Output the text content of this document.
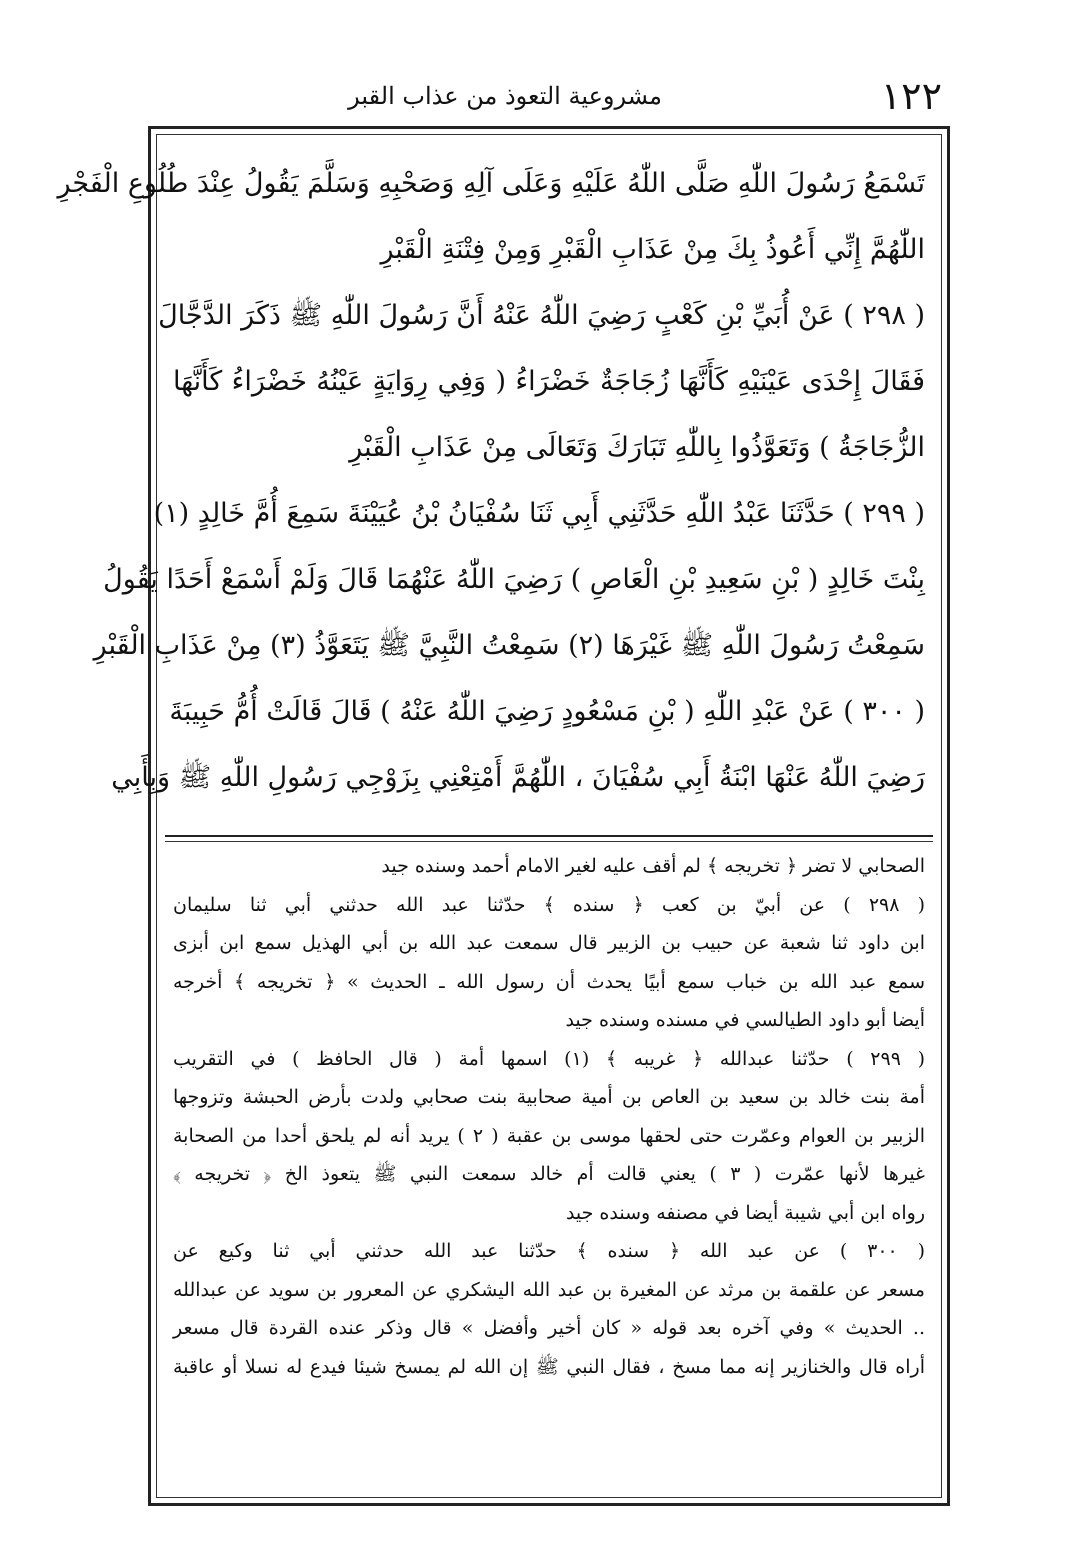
١٢٢
مشروعية التعوذ من عذاب القبر
تَسْمَعُ رَسُولَ اللّٰهِ صَلَّى اللّٰهُ عَلَيْهِ وَعَلَى آلِهِ وَصَحْبِهِ وَسَلَّمَ يَقُولُ عِنْدَ طُلُوعِ الْفَجْرِ
اللّٰهُمَّ إِنِّي أَعُوذُ بِكَ مِنْ عَذَابِ الْقَبْرِ وَمِنْ فِتْنَةِ الْقَبْرِ
( ٢٩٨ ) عَنْ أُبَيِّ بْنِ كَعْبٍ رَضِيَ اللّٰهُ عَنْهُ أَنَّ رَسُولَ اللّٰهِ ﷺ ذَكَرَ الدَّجَّالَ
فَقَالَ إِحْدَى عَيْنَيْهِ كَأَنَّهَا زُجَاجَةٌ خَضْرَاءُ ( وَفِي رِوَايَةٍ عَيْنُهُ خَضْرَاءُ كَأَنَّهَا
الزُّجَاجَةُ ) وَتَعَوَّذُوا بِاللّٰهِ تَبَارَكَ وَتَعَالَى مِنْ عَذَابِ الْقَبْرِ
( ٢٩٩ ) حَدَّثَنَا عَبْدُ اللّٰهِ حَدَّثَنِي أَبِي ثَنَا سُفْيَانُ بْنُ عُيَيْنَةَ سَمِعَ أُمَّ خَالِدٍ (١)
بِنْتَ خَالِدٍ ( بْنِ سَعِيدِ بْنِ الْعَاصِ ) رَضِيَ اللّٰهُ عَنْهُمَا قَالَ وَلَمْ أَسْمَعْ أَحَدًا يَقُولُ
سَمِعْتُ رَسُولَ اللّٰهِ ﷺ غَيْرَهَا (٢) سَمِعْتُ النَّبِيَّ ﷺ يَتَعَوَّذُ (٣) مِنْ عَذَابِ الْقَبْرِ
( ٣٠٠ ) عَنْ عَبْدِ اللّٰهِ ( بْنِ مَسْعُودٍ رَضِيَ اللّٰهُ عَنْهُ ) قَالَ قَالَتْ أُمُّ حَبِيبَةَ
رَضِيَ اللّٰهُ عَنْهَا ابْنَةُ أَبِي سُفْيَانَ ، اللّٰهُمَّ أَمْتِعْنِي بِزَوْجِي رَسُولِ اللّٰهِ ﷺ وَبِأَبِي
الصحابي لا تضر ﴿ تخريجه ﴾ لم أقف عليه لغير الامام أحمد وسنده جيد
( ٢٩٨ ) عن أبيّ بن كعب ﴿ سنده ﴾ حدّثنا عبد الله حدثني أبي ثنا سليمان
ابن داود ثنا شعبة عن حبيب بن الزبير قال سمعت عبد الله بن أبي الهذيل سمع ابن أبزى
سمع عبد الله بن خباب سمع أبيًا يحدث أن رسول الله ـ الحديث » ﴿ تخريجه ﴾ أخرجه
أيضا أبو داود الطيالسي في مسنده وسنده جيد
( ٢٩٩ ) حدّثنا عبدالله ﴿ غريبه ﴾ (١) اسمها أمة ( قال الحافظ ) في التقريب
أمة بنت خالد بن سعيد بن العاص بن أمية صحابية بنت صحابي ولدت بأرض الحبشة وتزوجها
الزبير بن العوام وعمّرت حتى لحقها موسى بن عقبة ( ٢ ) يريد أنه لم يلحق أحدا من الصحابة
غيرها لأنها عمّرت ( ٣ ) يعني قالت أم خالد سمعت النبي ﷺ يتعوذ الخ ﴿ تخريجه ﴾
رواه ابن أبي شيبة أيضا في مصنفه وسنده جيد
( ٣٠٠ ) عن عبد الله ﴿ سنده ﴾ حدّثنا عبد الله حدثني أبي ثنا وكيع عن
مسعر عن علقمة بن مرثد عن المغيرة بن عبد الله اليشكري عن المعرور بن سويد عن عبدالله
.. الحديث » وفي آخره بعد قوله « كان أخير وأفضل » قال وذكر عنده القردة قال مسعر
أراه قال والخنازير إنه مما مسخ ، فقال النبي ﷺ إن الله لم يمسخ شيئا فيدع له نسلا أو عاقبة
